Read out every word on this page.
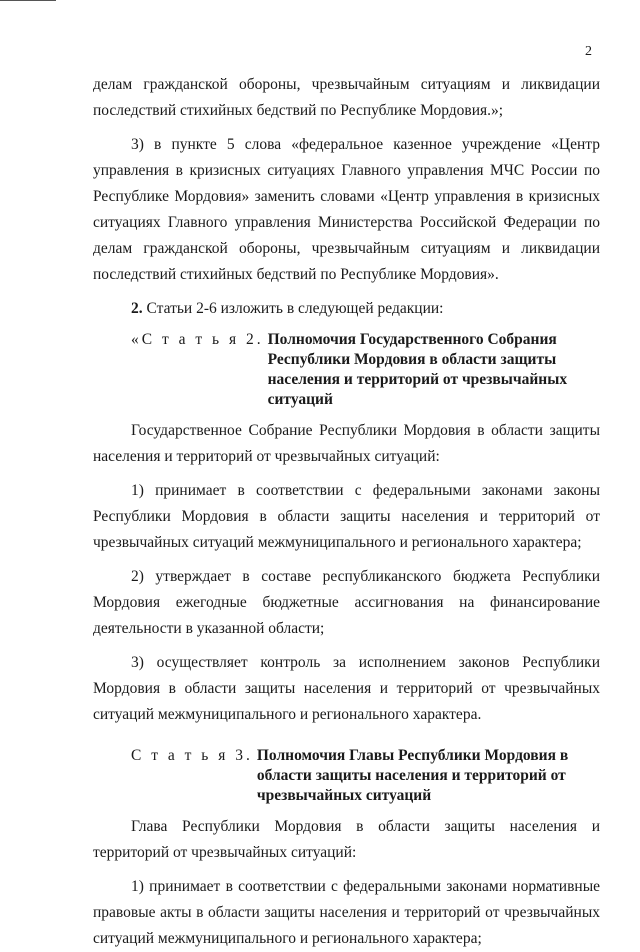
2

делам гражданской обороны, чрезвычайным ситуациям и ликвидации последствий стихийных бедствий по Республике Мордовия.»;

3) в пункте 5 слова «федеральное казенное учреждение «Центр управления в кризисных ситуациях Главного управления МЧС России по Республике Мордовия» заменить словами «Центр управления в кризисных ситуациях Главного управления Министерства Российской Федерации по делам гражданской обороны, чрезвычайным ситуациям и ликвидации последствий стихийных бедствий по Республике Мордовия».

2. Статьи 2-6 изложить в следующей редакции:

«С т а т ь я 2. Полномочия Государственного Собрания Республики Мордовия в области защиты населения и территорий от чрезвычайных ситуаций

Государственное Собрание Республики Мордовия в области защиты населения и территорий от чрезвычайных ситуаций:

1) принимает в соответствии с федеральными законами законы Республики Мордовия в области защиты населения и территорий от чрезвычайных ситуаций межмуниципального и регионального характера;

2) утверждает в составе республиканского бюджета Республики Мордовия ежегодные бюджетные ассигнования на финансирование деятельности в указанной области;

3) осуществляет контроль за исполнением законов Республики Мордовия в области защиты населения и территорий от чрезвычайных ситуаций межмуниципального и регионального характера.

С т а т ь я 3. Полномочия Главы Республики Мордовия в области защиты населения и территорий от чрезвычайных ситуаций

Глава Республики Мордовия в области защиты населения и территорий от чрезвычайных ситуаций:

1) принимает в соответствии с федеральными законами нормативные правовые акты в области защиты населения и территорий от чрезвычайных ситуаций межмуниципального и регионального характера;
